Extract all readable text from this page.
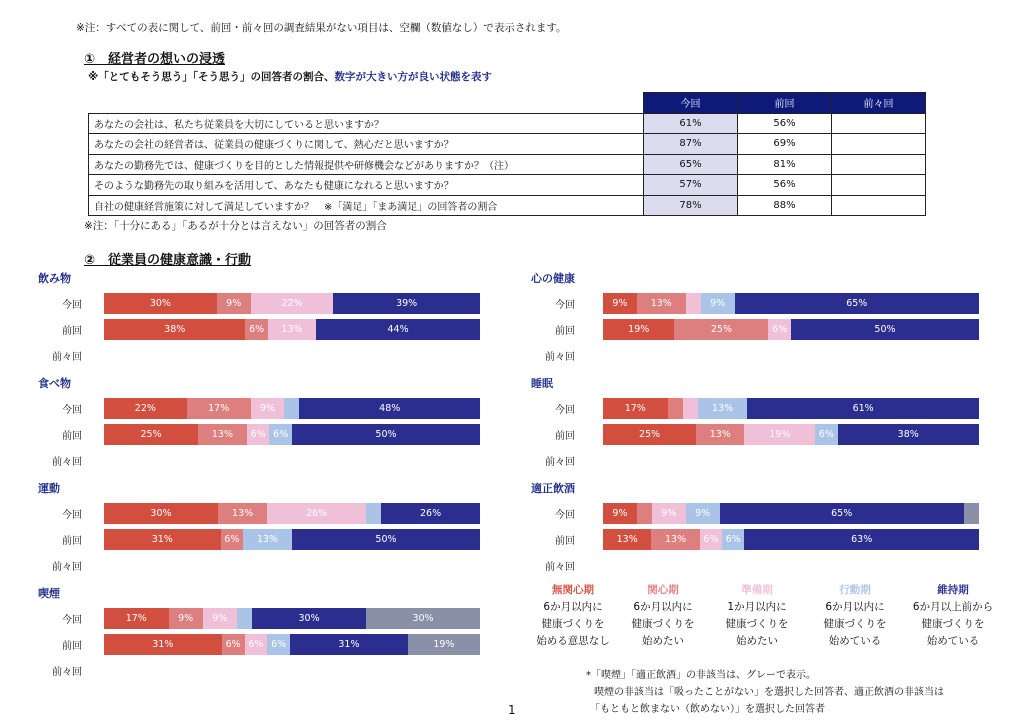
※注：すべての表に関して、前回・前々回の調査結果がない項目は、空欄（数値なし）で表示されます。
①　経営者の想いの浸透
※「とてもそう思う」「そう思う」の回答者の割合、数字が大きい方が良い状態を表す
	今回	前回	前々回
あなたの会社は、私たち従業員を大切にしていると思いますか？	61%	56%	
あなたの会社の経営者は、従業員の健康づくりに関して、熱心だと思いますか？	87%	69%	
あなたの勤務先では、健康づくりを目的とした情報提供や研修機会などがありますか？（注）	65%	81%	
そのような勤務先の取り組みを活用して、あなたも健康になれると思いますか？	57%	56%	
自社の健康経営施策に対して満足していますか？　※「満足」「まあ満足」の回答者の割合	78%	88%	
※注：「十分にある」「あるが十分とは言えない」の回答者の割合
②　従業員の健康意識・行動
飲み物
今回	30%	9%	22%	39%
前回	38%	6%	13%	44%
前々回
食べ物
今回	22%	17%	9%	48%
前回	25%	13%	6% 6%	50%
前々回
運動
今回	30%	13%	26%	26%
前回	31%	6%	13%	50%
前々回
喫煙
今回	17%	9%	9%	30%	30%
前回	31%	6% 6% 6%	31%	19%
前々回
心の健康
今回	9%	13%	9%	65%
前回	19%	25%	6%	50%
前々回
睡眠
今回	17%	13%	61%
前回	25%	13%	19%	6%	38%
前々回
適正飲酒
今回	9%	9%	9%	65%
前回	13%	13%	6% 6%	63%
前々回
無関心期
6か月以内に
健康づくりを
始める意思なし
関心期
6か月以内に
健康づくりを
始めたい
準備期
1か月以内に
健康づくりを
始めたい
行動期
6か月以内に
健康づくりを
始めている
維持期
6か月以上前から
健康づくりを
始めている
*「喫煙」「適正飲酒」の非該当は、グレーで表示。
喫煙の非該当は「吸ったことがない」を選択した回答者、適正飲酒の非該当は
「もともと飲まない（飲めない）」を選択した回答者
1
